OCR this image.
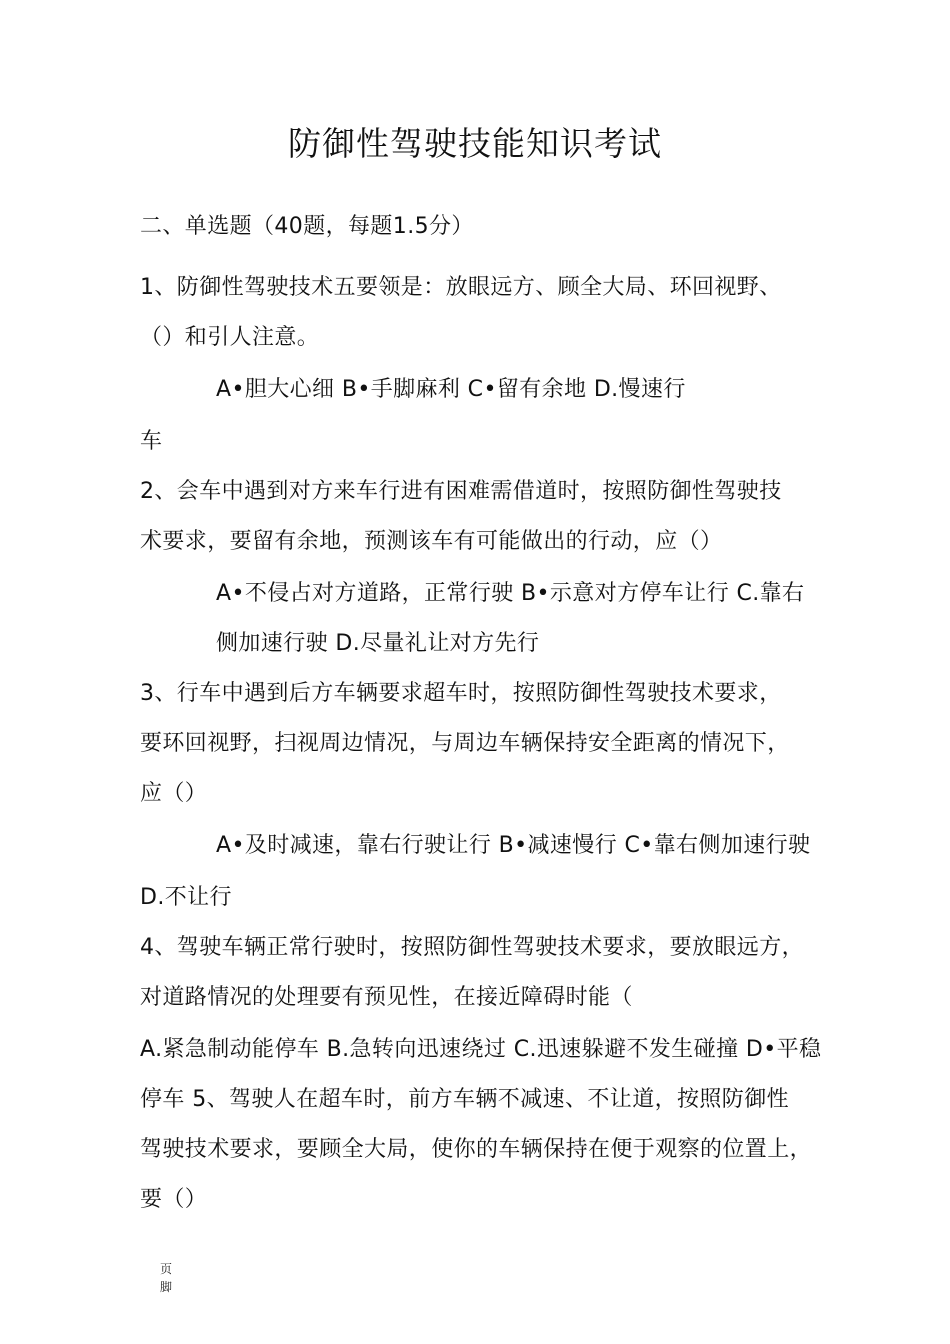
防御性驾驶技能知识考试
二、单选题（40题，每题1.5分）
1、防御性驾驶技术五要领是：放眼远方、顾全大局、环回视野、
（）和引人注意。
A•胆大心细 B•手脚麻利 C•留有余地 D.慢速行
车
2、会车中遇到对方来车行进有困难需借道时，按照防御性驾驶技
术要求，要留有余地，预测该车有可能做出的行动，应（）
A•不侵占对方道路，正常行驶 B•示意对方停车让行 C.靠右
侧加速行驶 D.尽量礼让对方先行
3、行车中遇到后方车辆要求超车时，按照防御性驾驶技术要求，
要环回视野，扫视周边情况，与周边车辆保持安全距离的情况下，
应（）
A•及时减速，靠右行驶让行 B•减速慢行 C•靠右侧加速行驶
D.不让行
4、驾驶车辆正常行驶时，按照防御性驾驶技术要求，要放眼远方，
对道路情况的处理要有预见性，在接近障碍时能（
A.紧急制动能停车 B.急转向迅速绕过 C.迅速躲避不发生碰撞 D•平稳
停车 5、驾驶人在超车时，前方车辆不减速、不让道，按照防御性
驾驶技术要求，要顾全大局，使你的车辆保持在便于观察的位置上，
要（）
页
脚
